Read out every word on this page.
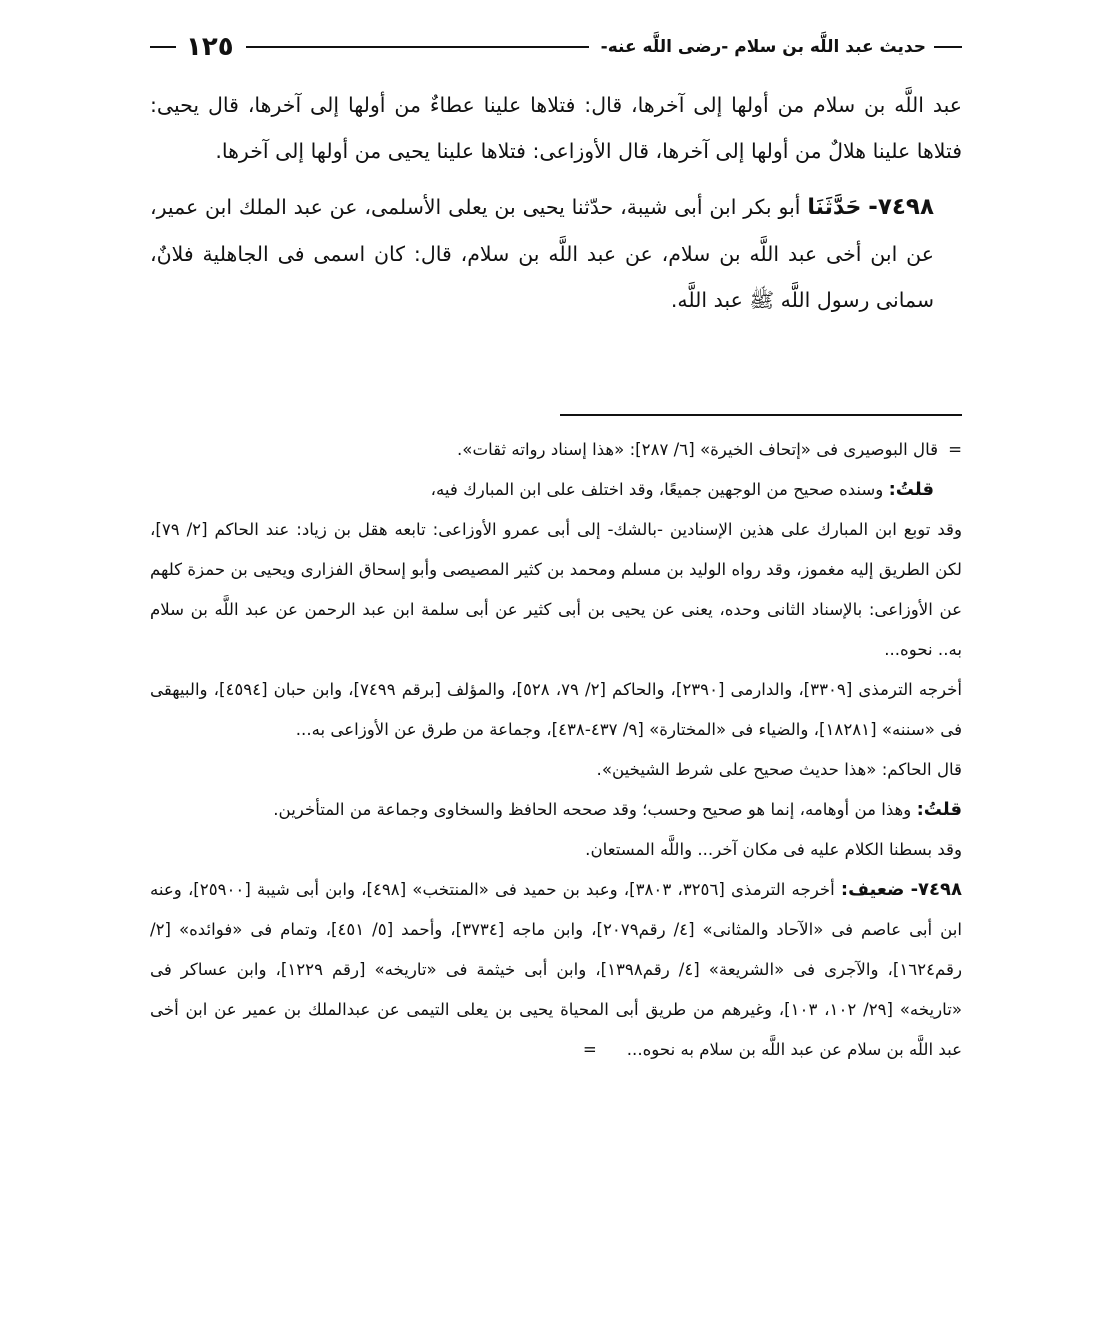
حديث عبد اللَّه بن سلام -رضى اللَّه عنه-
١٢٥

عبد اللَّه بن سلام من أولها إلى آخرها، قال: فتلاها علينا عطاءٌ من أولها إلى آخرها، قال يحيى: فتلاها علينا هلالٌ من أولها إلى آخرها، قال الأوزاعى: فتلاها علينا يحيى من أولها إلى آخرها.

٧٤٩٨- حَدَّثَنَا أبو بكر ابن أبى شيبة، حدّثنا يحيى بن يعلى الأسلمى، عن عبد الملك ابن عمير، عن ابن أخى عبد اللَّه بن سلام، عن عبد اللَّه بن سلام، قال: كان اسمى فى الجاهلية فلانٌ، سمانى رسول اللَّه ﷺ عبد اللَّه.

=قال البوصيرى فى «إتحاف الخيرة» [٦/ ٢٨٧]: «هذا إسناد رواته ثقات».

قلتُ: وسنده صحيح من الوجهين جميعًا، وقد اختلف على ابن المبارك فيه،

وقد توبع ابن المبارك على هذين الإسنادين -بالشك- إلى أبى عمرو الأوزاعى: تابعه هقل بن زياد: عند الحاكم [٢/ ٧٩]، لكن الطريق إليه مغموز، وقد رواه الوليد بن مسلم ومحمد بن كثير المصيصى وأبو إسحاق الفزارى ويحيى بن حمزة كلهم عن الأوزاعى: بالإسناد الثانى وحده، يعنى عن يحيى بن أبى كثير عن أبى سلمة ابن عبد الرحمن عن عبد اللَّه بن سلام به.. نحوه...

أخرجه الترمذى [٣٣٠٩]، والدارمى [٢٣٩٠]، والحاكم [٢/ ٧٩، ٥٢٨]، والمؤلف [برقم ٧٤٩٩]، وابن حبان [٤٥٩٤]، والبيهقى فى «سننه» [١٨٢٨١]، والضياء فى «المختارة» [٩/ ٤٣٧-٤٣٨]، وجماعة من طرق عن الأوزاعى به...

قال الحاكم: «هذا حديث صحيح على شرط الشيخين».

قلتُ: وهذا من أوهامه، إنما هو صحيح وحسب؛ وقد صححه الحافظ والسخاوى وجماعة من المتأخرين.

وقد بسطنا الكلام عليه فى مكان آخر... واللَّه المستعان.

٧٤٩٨- ضعيف: أخرجه الترمذى [٣٢٥٦، ٣٨٠٣]، وعبد بن حميد فى «المنتخب» [٤٩٨]، وابن أبى شيبة [٢٥٩٠٠]، وعنه ابن أبى عاصم فى «الآحاد والمثانى» [٤/ رقم٢٠٧٩]، وابن ماجه [٣٧٣٤]، وأحمد [٥/ ٤٥١]، وتمام فى «فوائده» [٢/ رقم١٦٢٤]، والآجرى فى «الشريعة» [٤/ رقم١٣٩٨]، وابن أبى خيثمة فى «تاريخه» [رقم ١٢٢٩]، وابن عساكر فى «تاريخه» [٢٩/ ١٠٢، ١٠٣]، وغيرهم من طريق أبى المحياة يحيى بن يعلى التيمى عن عبدالملك بن عمير عن ابن أخى عبد اللَّه بن سلام عن عبد اللَّه بن سلام به نحوه...=
